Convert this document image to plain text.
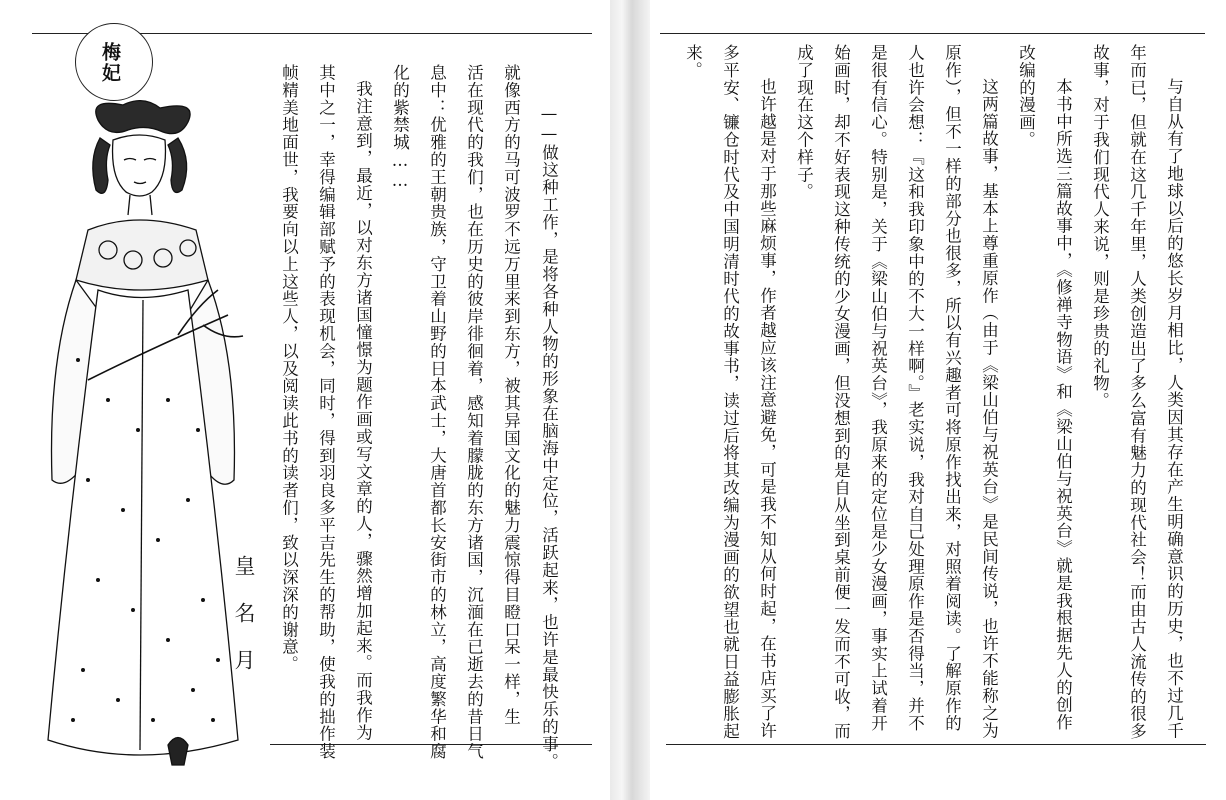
梅妃
皇名月	——做这种工作，是将各种人物的形象在脑海中定位，活跃起来，也许是最快乐的事。
就像西方的马可波罗不远万里来到东方，被其异国文化的魅力震惊得目瞪口呆一样，生
活在现代的我们，也在历史的彼岸徘徊着，感知着朦胧的东方诸国，沉湎在已逝去的昔日气
息中：优雅的王朝贵族，守卫着山野的日本武士，大唐首都长安街市的林立，高度繁华和腐
化的紫禁城……
我注意到，最近，以对东方诸国憧憬为题作画或写文章的人，骤然增加起来。而我作为
其中之一，幸得编辑部赋予的表现机会，同时，得到羽良多平吉先生的帮助，使我的拙作装
帧精美地面世，我要向以上这些人，以及阅读此书的读者们，致以深深的谢意。	与自从有了地球以后的悠长岁月相比，人类因其存在产生明确意识的历史，也不过几千
年而已，但就在这几千年里，人类创造出了多么富有魅力的现代社会！而由古人流传的很多
故事，对于我们现代人来说，则是珍贵的礼物。
本书中所选三篇故事中，《修禅寺物语》和《梁山伯与祝英台》就是我根据先人的创作
改编的漫画。
这两篇故事，基本上尊重原作（由于《梁山伯与祝英台》是民间传说，也许不能称之为
原作），但不一样的部分也很多，所以有兴趣者可将原作找出来，对照着阅读。了解原作的
人也许会想：『这和我印象中的不大一样啊。』老实说，我对自己处理原作是否得当，并不
是很有信心。特别是，关于《梁山伯与祝英台》，我原来的定位是少女漫画，事实上试着开
始画时，却不好表现这种传统的少女漫画，但没想到的是自从坐到桌前便一发而不可收，而
成了现在这个样子。
也许越是对于那些麻烦事，作者越应该注意避免，可是我不知从何时起，在书店买了许
多平安、镰仓时代及中国明清时代的故事书，读过后将其改编为漫画的欲望也就日益膨胀起
来。
